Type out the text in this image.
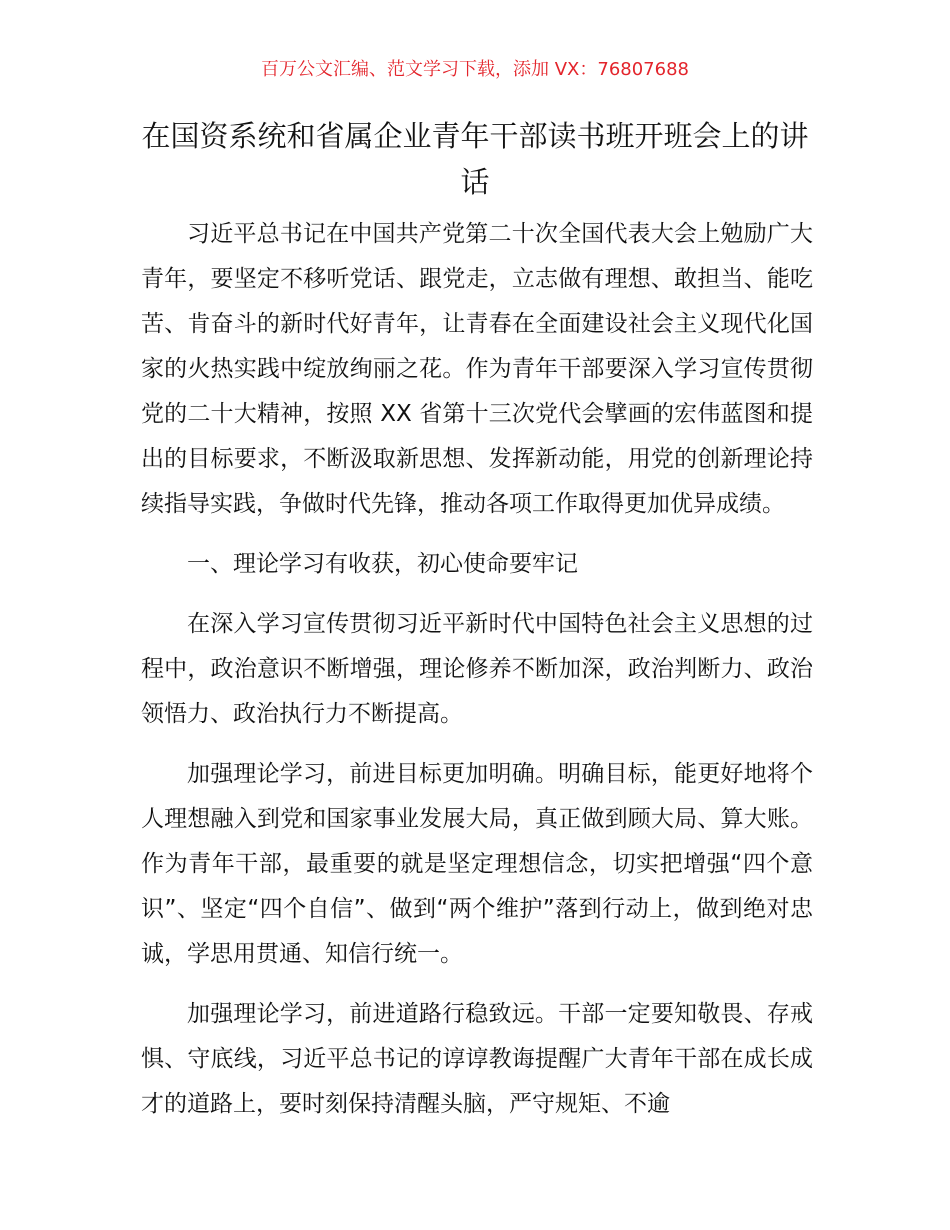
百万公文汇编、范文学习下载，添加 VX：76807688
在国资系统和省属企业青年干部读书班开班会上的讲话

习近平总书记在中国共产党第二十次全国代表大会上勉励广大青年，要坚定不移听党话、跟党走，立志做有理想、敢担当、能吃苦、肯奋斗的新时代好青年，让青春在全面建设社会主义现代化国家的火热实践中绽放绚丽之花。作为青年干部要深入学习宣传贯彻党的二十大精神，按照 XX 省第十三次党代会擘画的宏伟蓝图和提出的目标要求，不断汲取新思想、发挥新动能，用党的创新理论持续指导实践，争做时代先锋，推动各项工作取得更加优异成绩。

一、理论学习有收获，初心使命要牢记

在深入学习宣传贯彻习近平新时代中国特色社会主义思想的过程中，政治意识不断增强，理论修养不断加深，政治判断力、政治领悟力、政治执行力不断提高。

加强理论学习，前进目标更加明确。明确目标，能更好地将个人理想融入到党和国家事业发展大局，真正做到顾大局、算大账。作为青年干部，最重要的就是坚定理想信念，切实把增强“四个意识”、坚定“四个自信”、做到“两个维护”落到行动上，做到绝对忠诚，学思用贯通、知信行统一。

加强理论学习，前进道路行稳致远。干部一定要知敬畏、存戒惧、守底线，习近平总书记的谆谆教诲提醒广大青年干部在成长成才的道路上，要时刻保持清醒头脑，严守规矩、不逾
